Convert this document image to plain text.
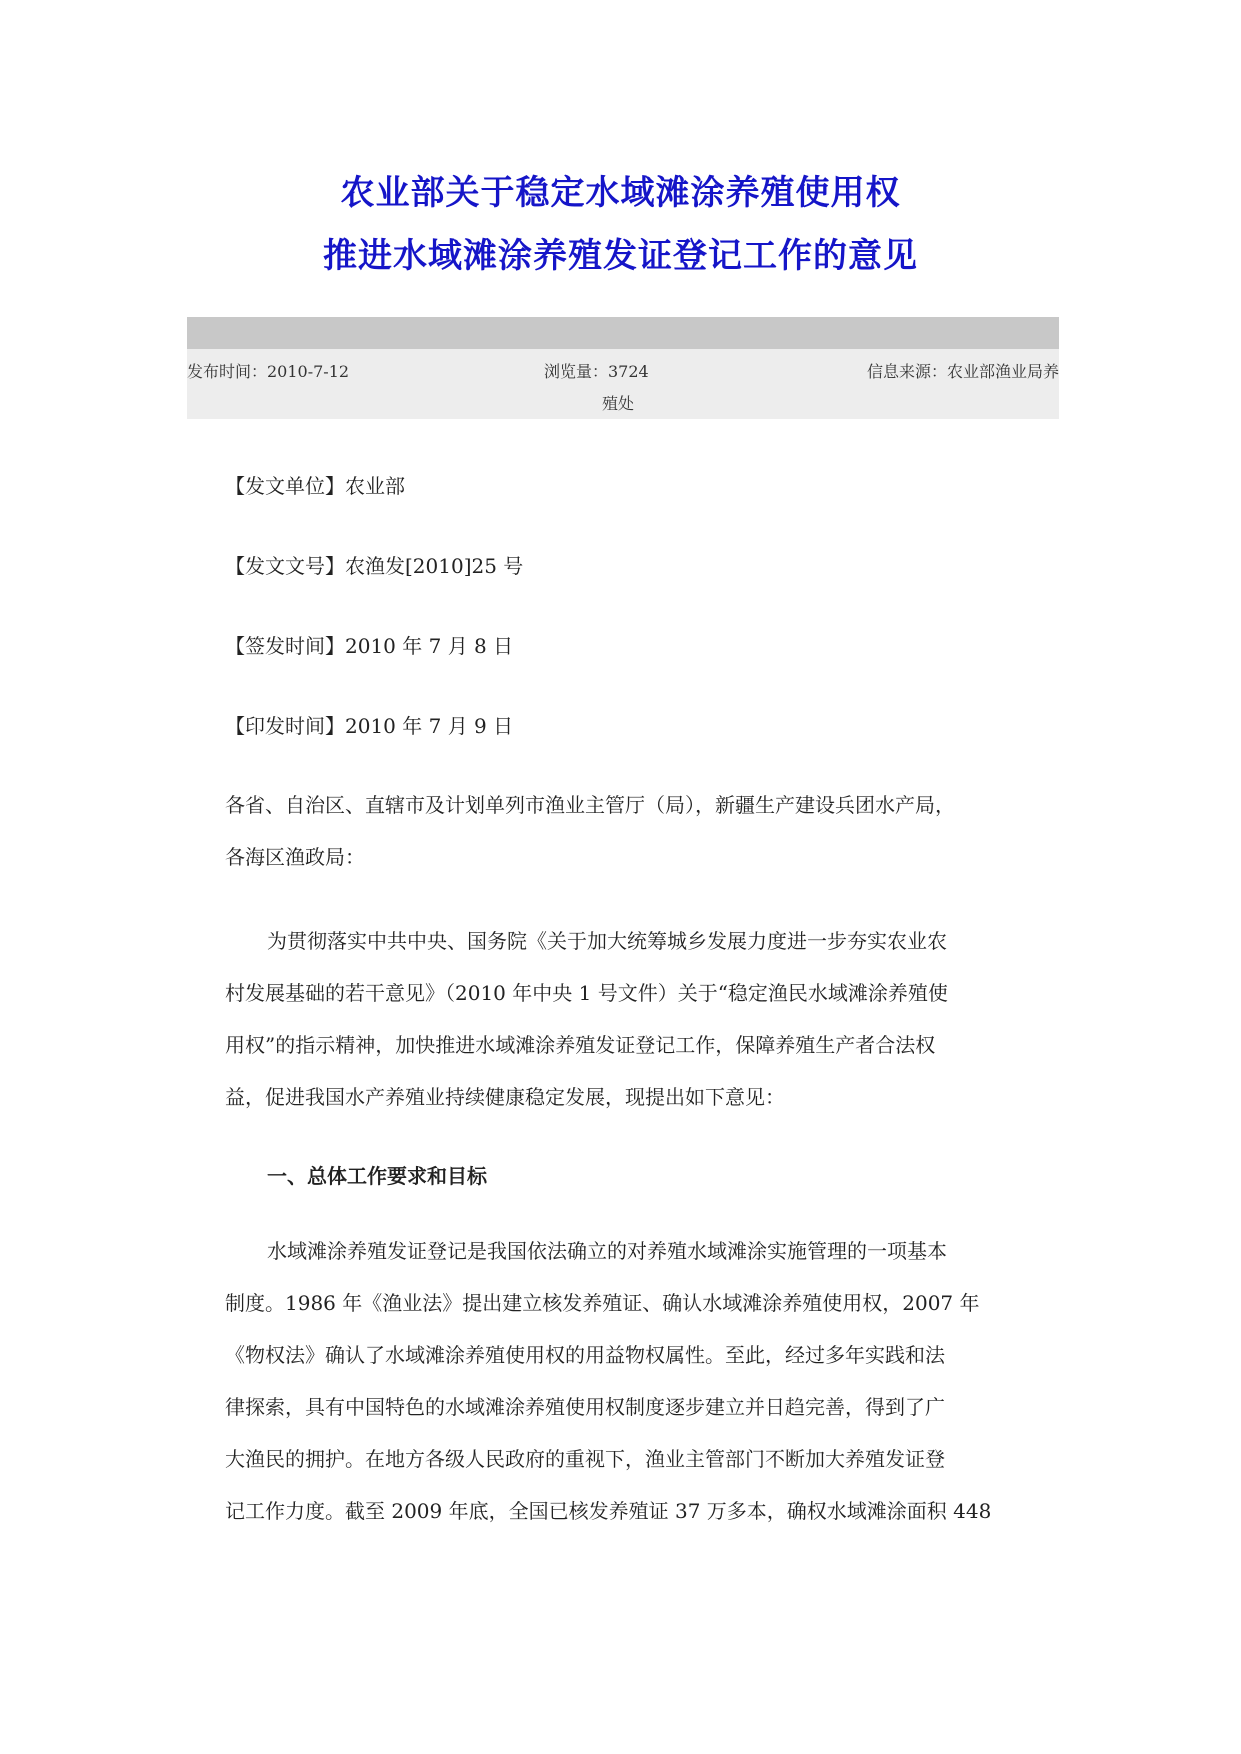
农业部关于稳定水域滩涂养殖使用权
推进水域滩涂养殖发证登记工作的意见
发布时间：2010-7-12	浏览量：3724	信息来源：农业部渔业局养
殖处
【发文单位】农业部
【发文文号】农渔发[2010]25 号
【签发时间】2010 年 7 月 8 日
【印发时间】2010 年 7 月 9 日

各省、自治区、直辖市及计划单列市渔业主管厅（局），新疆生产建设兵团水产局，
各海区渔政局：

为贯彻落实中共中央、国务院《关于加大统筹城乡发展力度进一步夯实农业农
村发展基础的若干意见》（2010 年中央 1 号文件）关于“稳定渔民水域滩涂养殖使
用权”的指示精神，加快推进水域滩涂养殖发证登记工作，保障养殖生产者合法权
益，促进我国水产养殖业持续健康稳定发展，现提出如下意见：

一、总体工作要求和目标

水域滩涂养殖发证登记是我国依法确立的对养殖水域滩涂实施管理的一项基本
制度。1986 年《渔业法》提出建立核发养殖证、确认水域滩涂养殖使用权，2007 年
《物权法》确认了水域滩涂养殖使用权的用益物权属性。至此，经过多年实践和法
律探索，具有中国特色的水域滩涂养殖使用权制度逐步建立并日趋完善，得到了广
大渔民的拥护。在地方各级人民政府的重视下，渔业主管部门不断加大养殖发证登
记工作力度。截至 2009 年底，全国已核发养殖证 37 万多本，确权水域滩涂面积 448
